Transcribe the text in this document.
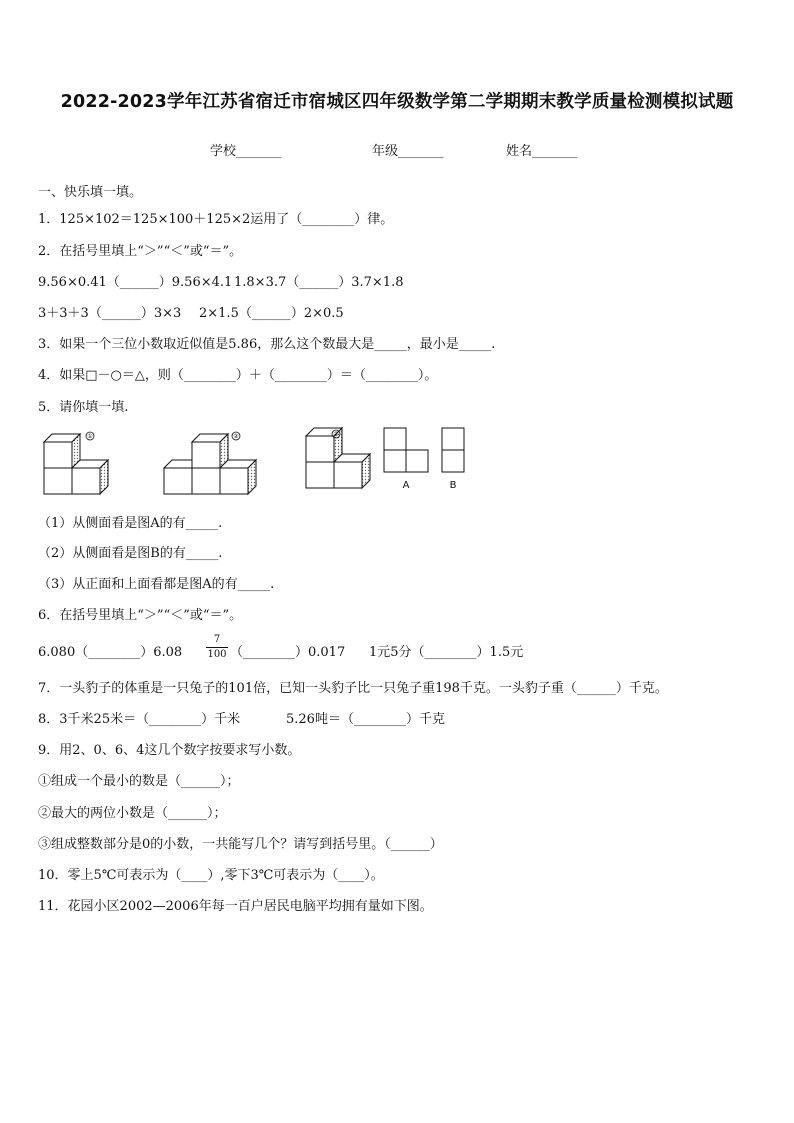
2022-2023学年江苏省宿迁市宿城区四年级数学第二学期期末教学质量检测模拟试题
学校_______	年级_______	姓名_______
一、快乐填一填。
1．125×102＝125×100＋125×2运用了（________）律。
2．在括号里填上“＞”“＜”或“＝”。
9.56×0.41（______）9.56×4.1 1.8×3.7（______）3.7×1.8
3＋3＋3（______）3×3 2×1.5（______）2×0.5
3．如果一个三位小数取近似值是5.86，那么这个数最大是_____，最小是_____.
4．如果□－○＝△，则（________）＋（________）＝（________）。
5．请你填一填.
①	②	③
A	B
（1）从侧面看是图A的有_____.
（2）从侧面看是图B的有_____.
（3）从正面和上面看都是图A的有_____.
6．在括号里填上“＞”“＜”或“＝”。
6.080（________）6.08 $\frac{7}{100}$ （________）0.017 1元5分（________）1.5元
7．一头豹子的体重是一只兔子的101倍，已知一头豹子比一只兔子重198千克。一头豹子重（______）千克。
8．3千米25米＝（________）千米	5.26吨＝（________）千克
9．用2、0、6、4这几个数字按要求写小数。
①组成一个最小的数是（______）；
②最大的两位小数是（______）；
③组成整数部分是0的小数，一共能写几个？请写到括号里。（______）
10．零上5℃可表示为（____）,零下3℃可表示为（____）。
11．花园小区2002—2006年每一百户居民电脑平均拥有量如下图。
